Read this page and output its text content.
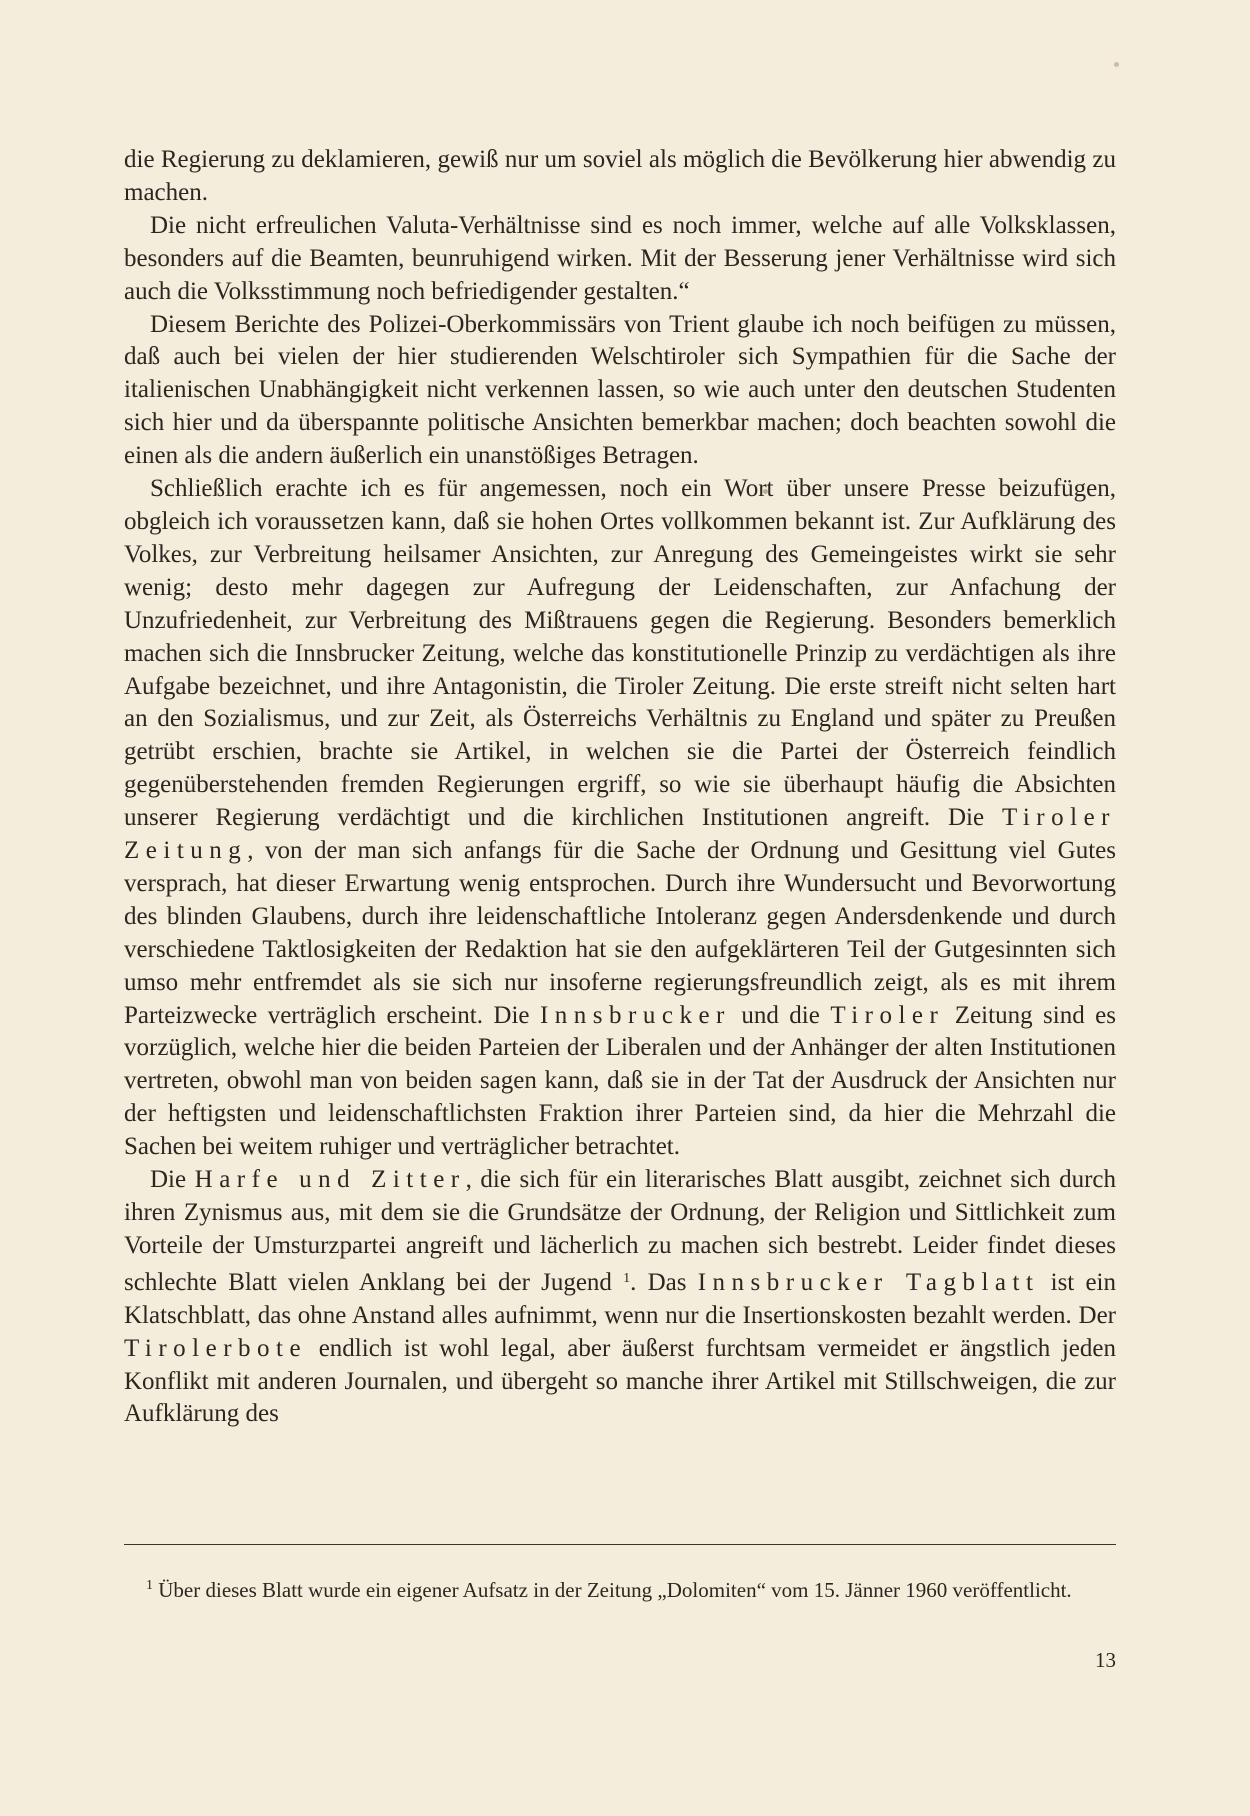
die Regierung zu deklamieren, gewiß nur um soviel als möglich die Bevölkerung hier abwendig zu machen.

Die nicht erfreulichen Valuta-Verhältnisse sind es noch immer, welche auf alle Volksklassen, besonders auf die Beamten, beunruhigend wirken. Mit der Besserung jener Verhältnisse wird sich auch die Volksstimmung noch befriedigender gestalten.“

Diesem Berichte des Polizei-Oberkommissärs von Trient glaube ich noch beifügen zu müssen, daß auch bei vielen der hier studierenden Welschtiroler sich Sympathien für die Sache der italienischen Unabhängigkeit nicht verkennen lassen, so wie auch unter den deutschen Studenten sich hier und da überspannte politische Ansichten bemerkbar machen; doch beachten sowohl die einen als die andern äußerlich ein unanstößiges Betragen.

Schließlich erachte ich es für angemessen, noch ein Wort über unsere Presse beizufügen, obgleich ich voraussetzen kann, daß sie hohen Ortes vollkommen bekannt ist. Zur Aufklärung des Volkes, zur Verbreitung heilsamer Ansichten, zur Anregung des Gemeingeistes wirkt sie sehr wenig; desto mehr dagegen zur Aufregung der Leidenschaften, zur Anfachung der Unzufriedenheit, zur Verbreitung des Mißtrauens gegen die Regierung. Besonders bemerklich machen sich die Innsbrucker Zeitung, welche das konstitutionelle Prinzip zu verdächtigen als ihre Aufgabe bezeichnet, und ihre Antagonistin, die Tiroler Zeitung. Die erste streift nicht selten hart an den Sozialismus, und zur Zeit, als Österreichs Verhältnis zu England und später zu Preußen getrübt erschien, brachte sie Artikel, in welchen sie die Partei der Österreich feindlich gegenüberstehenden fremden Regierungen ergriff, so wie sie überhaupt häufig die Absichten unserer Regierung verdächtigt und die kirchlichen Institutionen angreift. Die Tiroler Zeitung, von der man sich anfangs für die Sache der Ordnung und Gesittung viel Gutes versprach, hat dieser Erwartung wenig entsprochen. Durch ihre Wundersucht und Bevorwortung des blinden Glaubens, durch ihre leidenschaftliche Intoleranz gegen Andersdenkende und durch verschiedene Taktlosigkeiten der Redaktion hat sie den aufgeklärteren Teil der Gutgesinnten sich umso mehr entfremdet als sie sich nur insoferne regierungsfreundlich zeigt, als es mit ihrem Parteizwecke verträglich erscheint. Die Innsbrucker und die Tiroler Zeitung sind es vorzüglich, welche hier die beiden Parteien der Liberalen und der Anhänger der alten Institutionen vertreten, obwohl man von beiden sagen kann, daß sie in der Tat der Ausdruck der Ansichten nur der heftigsten und leidenschaftlichsten Fraktion ihrer Parteien sind, da hier die Mehrzahl die Sachen bei weitem ruhiger und verträglicher betrachtet.

Die Harfe und Zitter, die sich für ein literarisches Blatt ausgibt, zeichnet sich durch ihren Zynismus aus, mit dem sie die Grundsätze der Ordnung, der Religion und Sittlichkeit zum Vorteile der Umsturzpartei angreift und lächerlich zu machen sich bestrebt. Leider findet dieses schlechte Blatt vielen Anklang bei der Jugend $^1$. Das Innsbrucker Tagblatt ist ein Klatschblatt, das ohne Anstand alles aufnimmt, wenn nur die Insertionskosten bezahlt werden. Der Tirolerbote endlich ist wohl legal, aber äußerst furchtsam vermeidet er ängstlich jeden Konflikt mit anderen Journalen, und übergeht so manche ihrer Artikel mit Stillschweigen, die zur Aufklärung des

$^1$ Über dieses Blatt wurde ein eigener Aufsatz in der Zeitung „Dolomiten“ vom 15. Jänner 1960 veröffentlicht.

13
